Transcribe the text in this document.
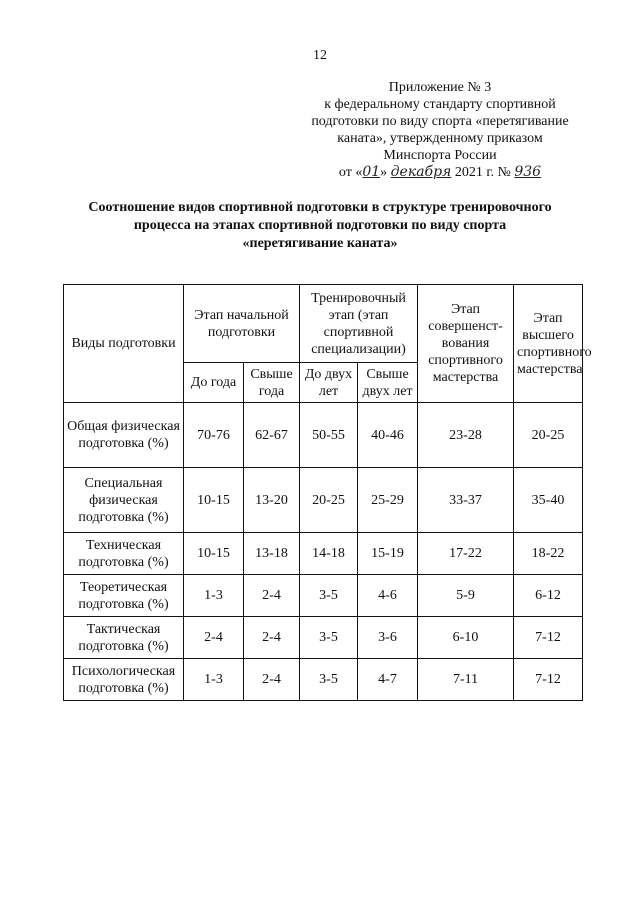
12
Приложение № 3
к федеральному стандарту спортивной
подготовки по виду спорта «перетягивание
каната», утвержденному приказом
Минспорта России
от «01» декабря 2021 г. № 936
Соотношение видов спортивной подготовки в структуре тренировочного
процесса на этапах спортивной подготовки по виду спорта
«перетягивание каната»
Виды подготовки	Этап начальной подготовки		Тренировочный этап (этап спортивной специализации)		Этап совершенст-вования спортивного мастерства	Этап высшего спортивного мастерства
	До года	Свыше года	До двух лет	Свыше двух лет		
Общая физическая подготовка (%)	70-76	62-67	50-55	40-46	23-28	20-25
Специальная физическая подготовка (%)	10-15	13-20	20-25	25-29	33-37	35-40
Техническая подготовка (%)	10-15	13-18	14-18	15-19	17-22	18-22
Теоретическая подготовка (%)	1-3	2-4	3-5	4-6	5-9	6-12
Тактическая подготовка (%)	2-4	2-4	3-5	3-6	6-10	7-12
Психологическая подготовка (%)	1-3	2-4	3-5	4-7	7-11	7-12
